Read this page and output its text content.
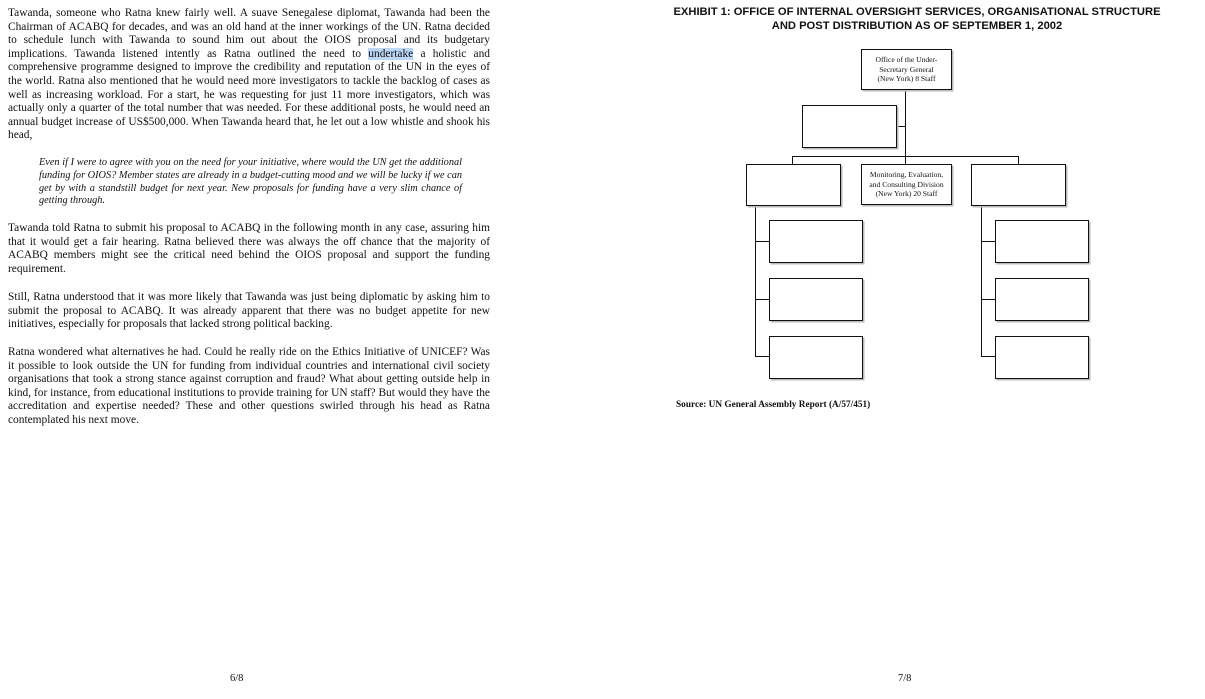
Tawanda, someone who Ratna knew fairly well. A suave Senegalese diplomat, Tawanda had been the Chairman of ACABQ for decades, and was an old hand at the inner workings of the UN. Ratna decided to schedule lunch with Tawanda to sound him out about the OIOS proposal and its budgetary implications. Tawanda listened intently as Ratna outlined the need to undertake a holistic and comprehensive programme designed to improve the credibility and reputation of the UN in the eyes of the world. Ratna also mentioned that he would need more investigators to tackle the backlog of cases as well as increasing workload. For a start, he was requesting for just 11 more investigators, which was actually only a quarter of the total number that was needed. For these additional posts, he would need an annual budget increase of US$500,000. When Tawanda heard that, he let out a low whistle and shook his head,

Even if I were to agree with you on the need for your initiative, where would the UN get the additional funding for OIOS? Member states are already in a budget-cutting mood and we will be lucky if we can get by with a standstill budget for next year. New proposals for funding have a very slim chance of getting through.

Tawanda told Ratna to submit his proposal to ACABQ in the following month in any case, assuring him that it would get a fair hearing. Ratna believed there was always the off chance that the majority of ACABQ members might see the critical need behind the OIOS proposal and support the funding requirement.

Still, Ratna understood that it was more likely that Tawanda was just being diplomatic by asking him to submit the proposal to ACABQ. It was already apparent that there was no budget appetite for new initiatives, especially for proposals that lacked strong political backing.

Ratna wondered what alternatives he had. Could he really ride on the Ethics Initiative of UNICEF? Was it possible to look outside the UN for funding from individual countries and international civil society organisations that took a strong stance against corruption and fraud? What about getting outside help in kind, for instance, from educational institutions to provide training for UN staff? But would they have the accreditation and expertise needed? These and other questions swirled through his head as Ratna contemplated his next move.

6/8
EXHIBIT 1: OFFICE OF INTERNAL OVERSIGHT SERVICES, ORGANISATIONAL STRUCTURE
AND POST DISTRIBUTION AS OF SEPTEMBER 1, 2002
Office of the Under-
Secretary General
(New York) 8 Staff
Monitoring, Evaluation,
and Consulting Division
(New York) 20 Staff

Source: UN General Assembly Report (A/57/451)

7/8
